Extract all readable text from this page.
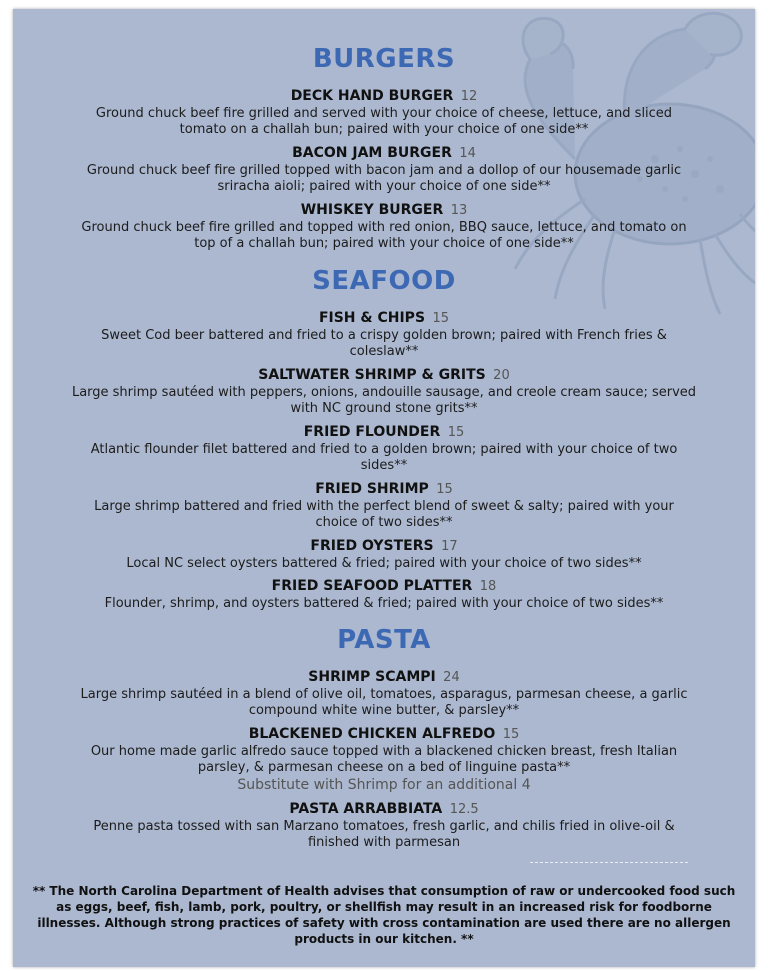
BURGERS
DECK HAND BURGER 12
Ground chuck beef fire grilled and served with your choice of cheese, lettuce, and sliced tomato on a challah bun; paired with your choice of one side**
BACON JAM BURGER 14
Ground chuck beef fire grilled topped with bacon jam and a dollop of our housemade garlic sriracha aioli; paired with your choice of one side**
WHISKEY BURGER 13
Ground chuck beef fire grilled and topped with red onion, BBQ sauce, lettuce, and tomato on top of a challah bun; paired with your choice of one side**
SEAFOOD
FISH & CHIPS 15
Sweet Cod beer battered and fried to a crispy golden brown; paired with French fries & coleslaw**
SALTWATER SHRIMP & GRITS 20
Large shrimp sautéed with peppers, onions, andouille sausage, and creole cream sauce; served with NC ground stone grits**
FRIED FLOUNDER 15
Atlantic flounder filet battered and fried to a golden brown; paired with your choice of two sides**
FRIED SHRIMP 15
Large shrimp battered and fried with the perfect blend of sweet & salty; paired with your choice of two sides**
FRIED OYSTERS 17
Local NC select oysters battered & fried; paired with your choice of two sides**
FRIED SEAFOOD PLATTER 18
Flounder, shrimp, and oysters battered & fried; paired with your choice of two sides**
PASTA
SHRIMP SCAMPI 24
Large shrimp sautéed in a blend of olive oil, tomatoes, asparagus, parmesan cheese, a garlic compound white wine butter, & parsley**
BLACKENED CHICKEN ALFREDO 15
Our home made garlic alfredo sauce topped with a blackened chicken breast, fresh Italian parsley, & parmesan cheese on a bed of linguine pasta**
Substitute with Shrimp for an additional 4
PASTA ARRABBIATA 12.5
Penne pasta tossed with san Marzano tomatoes, fresh garlic, and chilis fried in olive-oil & finished with parmesan
** The North Carolina Department of Health advises that consumption of raw or undercooked food such as eggs, beef, fish, lamb, pork, poultry, or shellfish may result in an increased risk for foodborne illnesses. Although strong practices of safety with cross contamination are used there are no allergen products in our kitchen. **
